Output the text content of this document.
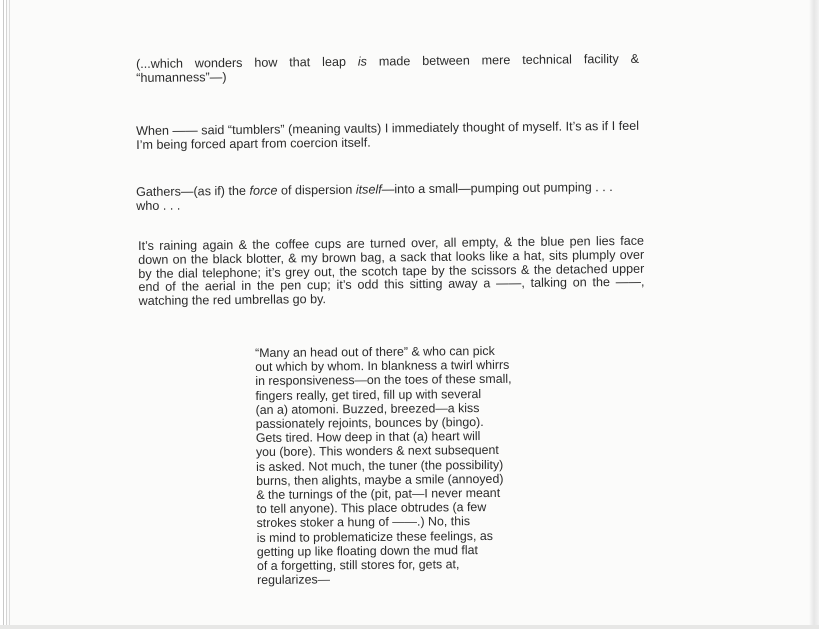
(...which wonders how that leap is made between mere technical facility & “humanness”—)

When —— said “tumblers” (meaning vaults) I immediately thought of myself. It’s as if I feel I’m being forced apart from coercion itself.

Gathers—(as if) the force of dispersion itself—into a small—pumping out pumping . . . who . . .

It’s raining again & the coffee cups are turned over, all empty, & the blue pen lies face down on the black blotter, & my brown bag, a sack that looks like a hat, sits plumply over by the dial telephone; it’s grey out, the scotch tape by the scissors & the detached upper end of the aerial in the pen cup; it’s odd this sitting away a ——, talking on the ——, watching the red umbrellas go by.

“Many an head out of there” & who can pick
out which by whom. In blankness a twirl whirrs
in responsiveness—on the toes of these small,
fingers really, get tired, fill up with several
(an a) atomoni. Buzzed, breezed—a kiss
passionately rejoints, bounces by (bingo).
Gets tired. How deep in that (a) heart will
you (bore). This wonders & next subsequent
is asked. Not much, the tuner (the possibility)
burns, then alights, maybe a smile (annoyed)
& the turnings of the (pit, pat—I never meant
to tell anyone). This place obtrudes (a few
strokes stoker a hung of ——.) No, this
is mind to problematicize these feelings, as
getting up like floating down the mud flat
of a forgetting, still stores for, gets at,
regularizes—
